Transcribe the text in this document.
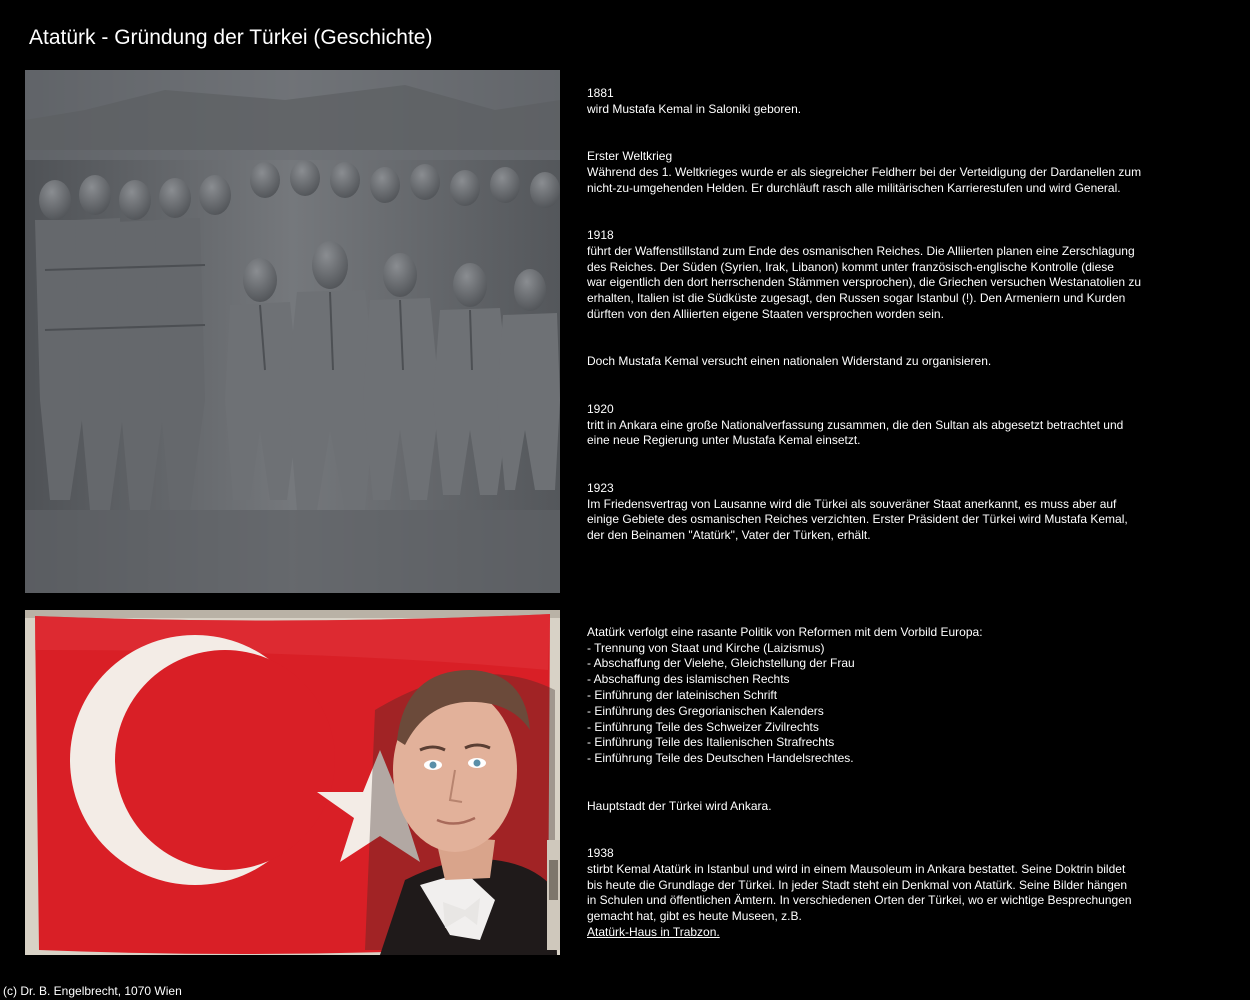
Atatürk - Gründung der Türkei (Geschichte)

1881
wird Mustafa Kemal in Saloniki geboren.

Erster Weltkrieg
Während des 1. Weltkrieges wurde er als siegreicher Feldherr bei der Verteidigung der Dardanellen zum
nicht-zu-umgehenden Helden. Er durchläuft rasch alle militärischen Karrierestufen und wird General.

1918
führt der Waffenstillstand zum Ende des osmanischen Reiches. Die Alliierten planen eine Zerschlagung
des Reiches. Der Süden (Syrien, Irak, Libanon) kommt unter französisch-englische Kontrolle (diese
war eigentlich den dort herrschenden Stämmen versprochen), die Griechen versuchen Westanatolien zu
erhalten, Italien ist die Südküste zugesagt, den Russen sogar Istanbul (!). Den Armeniern und Kurden
dürften von den Alliierten eigene Staaten versprochen worden sein.

Doch Mustafa Kemal versucht einen nationalen Widerstand zu organisieren.

1920
tritt in Ankara eine große Nationalverfassung zusammen, die den Sultan als abgesetzt betrachtet und
eine neue Regierung unter Mustafa Kemal einsetzt.

1923
Im Friedensvertrag von Lausanne wird die Türkei als souveräner Staat anerkannt, es muss aber auf
einige Gebiete des osmanischen Reiches verzichten. Erster Präsident der Türkei wird Mustafa Kemal,
der den Beinamen "Atatürk", Vater der Türken, erhält.

Atatürk verfolgt eine rasante Politik von Reformen mit dem Vorbild Europa:
- Trennung von Staat und Kirche (Laizismus)
- Abschaffung der Vielehe, Gleichstellung der Frau
- Abschaffung des islamischen Rechts
- Einführung der lateinischen Schrift
- Einführung des Gregorianischen Kalenders
- Einführung Teile des Schweizer Zivilrechts
- Einführung Teile des Italienischen Strafrechts
- Einführung Teile des Deutschen Handelsrechtes.

Hauptstadt der Türkei wird Ankara.

1938
stirbt Kemal Atatürk in Istanbul und wird in einem Mausoleum in Ankara bestattet. Seine Doktrin bildet
bis heute die Grundlage der Türkei. In jeder Stadt steht ein Denkmal von Atatürk. Seine Bilder hängen
in Schulen und öffentlichen Ämtern. In verschiedenen Orten der Türkei, wo er wichtige Besprechungen
gemacht hat, gibt es heute Museen, z.B.
Atatürk-Haus in Trabzon.

(c) Dr. B. Engelbrecht, 1070 Wien
